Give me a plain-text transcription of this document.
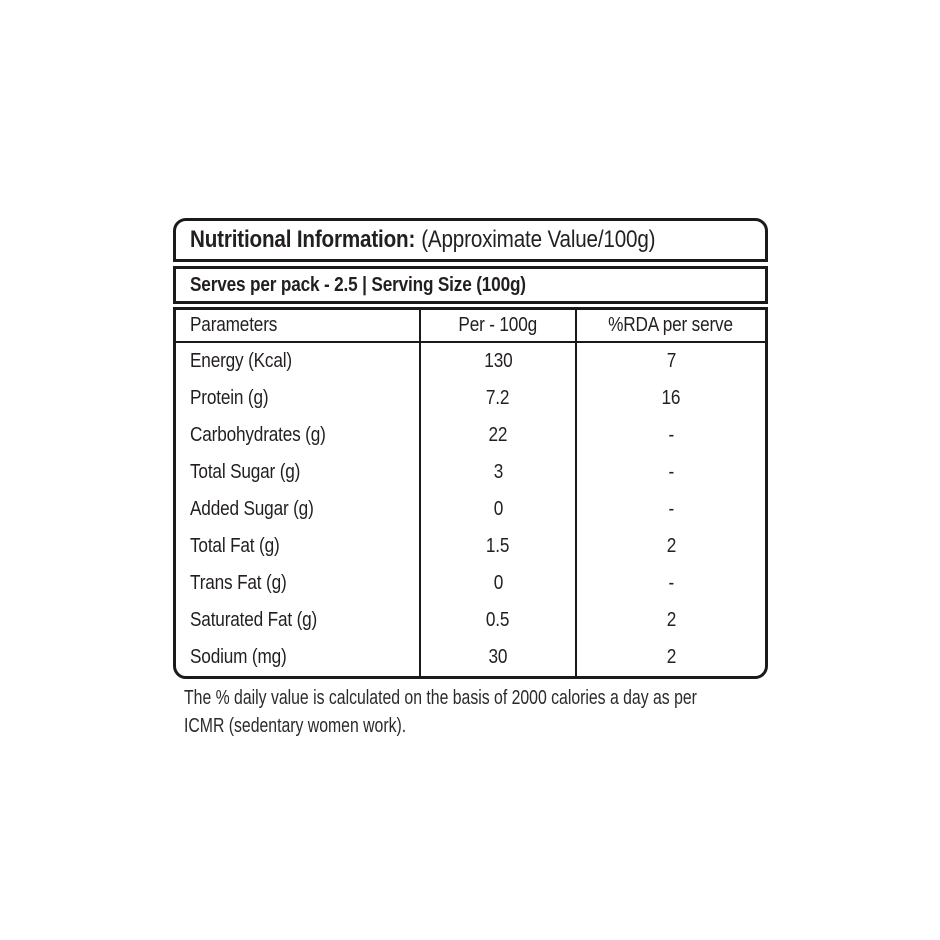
Nutritional Information: (Approximate Value/100g)
Serves per pack - 2.5 | Serving Size (100g)
Parameters	Per - 100g	%RDA per serve
Energy (Kcal)	130	7
Protein (g)	7.2	16
Carbohydrates (g)	22	-
Total Sugar (g)	3	-
Added Sugar (g)	0	-
Total Fat (g)	1.5	2
Trans Fat (g)	0	-
Saturated Fat (g)	0.5	2
Sodium (mg)	30	2
The % daily value is calculated on the basis of 2000 calories a day as per
ICMR (sedentary women work).
